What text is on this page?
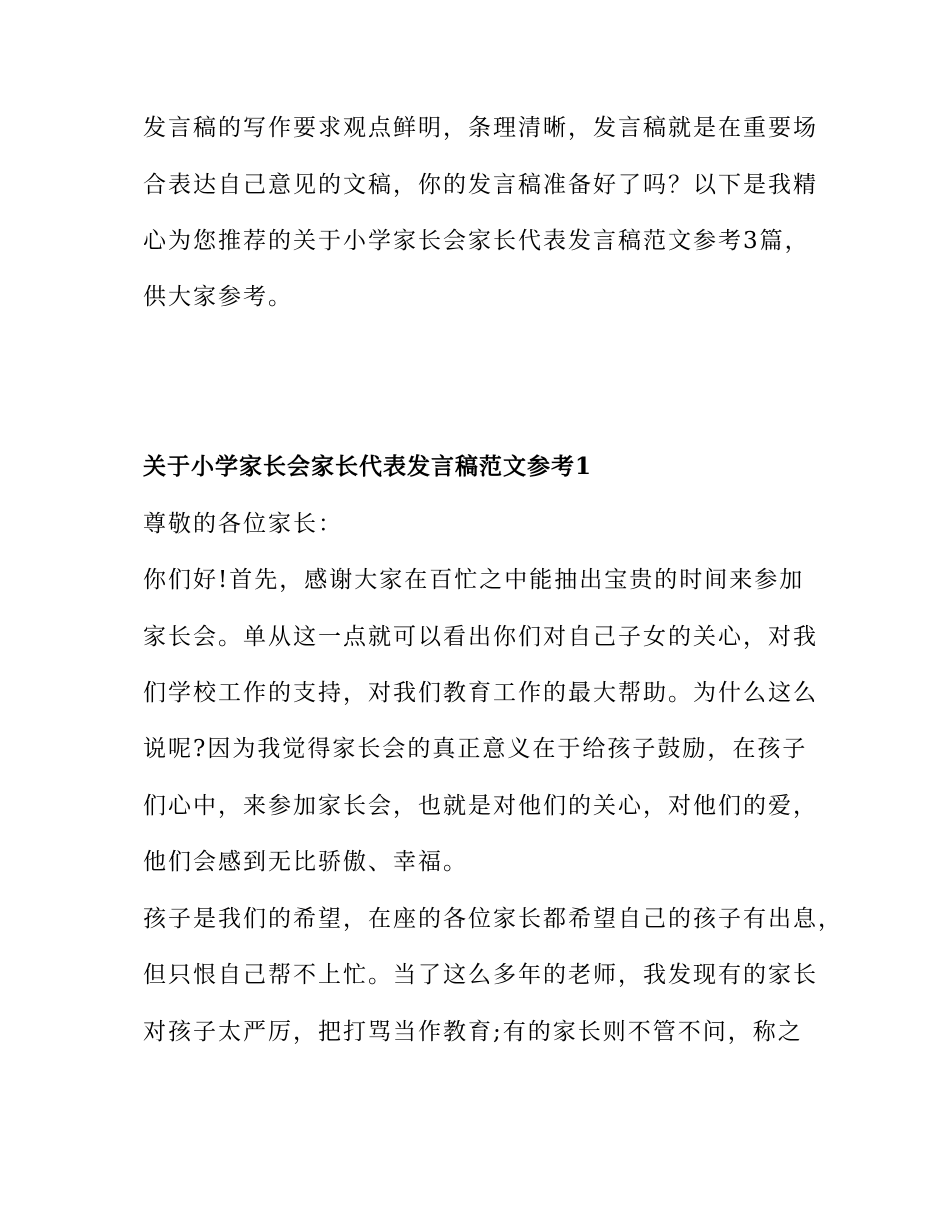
发言稿的写作要求观点鲜明，条理清晰，发言稿就是在重要场
合表达自己意见的文稿，你的发言稿准备好了吗？以下是我精
心为您推荐的关于小学家长会家长代表发言稿范文参考3篇，
供大家参考。
关于小学家长会家长代表发言稿范文参考1
尊敬的各位家长：
你们好!首先，感谢大家在百忙之中能抽出宝贵的时间来参加
家长会。单从这一点就可以看出你们对自己子女的关心，对我
们学校工作的支持，对我们教育工作的最大帮助。为什么这么
说呢?因为我觉得家长会的真正意义在于给孩子鼓励，在孩子
们心中，来参加家长会，也就是对他们的关心，对他们的爱，
他们会感到无比骄傲、幸福。
孩子是我们的希望，在座的各位家长都希望自己的孩子有出息，
但只恨自己帮不上忙。当了这么多年的老师，我发现有的家长
对孩子太严厉，把打骂当作教育;有的家长则不管不问，称之
